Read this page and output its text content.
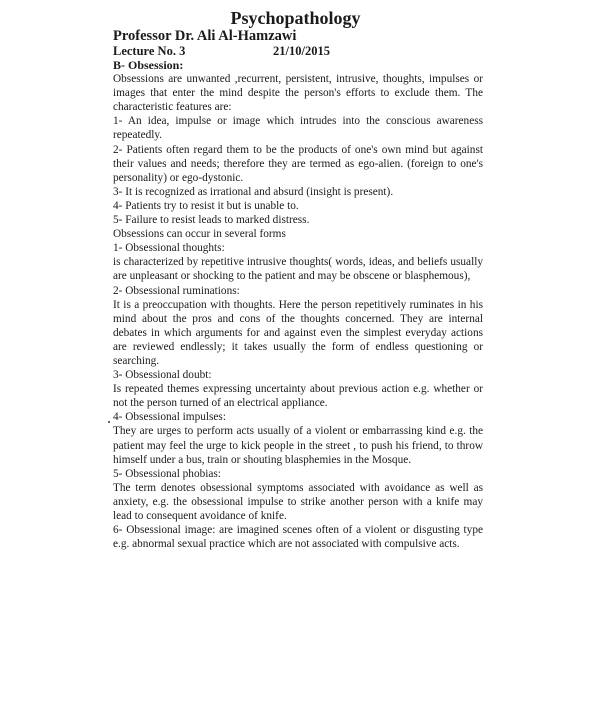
Psychopathology
Professor Dr. Ali Al-Hamzawi
Lecture No. 3	21/10/2015

B- Obsession:

Obsessions are unwanted ,recurrent, persistent, intrusive, thoughts, impulses or images that enter the mind despite the person's efforts to exclude them. The characteristic features are:

1- An idea, impulse or image which intrudes into the conscious awareness repeatedly.

2- Patients often regard them to be the products of one's own mind but against their values and needs; therefore they are termed as ego-alien. (foreign to one's personality) or ego-dystonic.

3- It is recognized as irrational and absurd (insight is present).

4- Patients try to resist it but is unable to.

5- Failure to resist leads to marked distress.

Obsessions can occur in several forms

1- Obsessional thoughts:

is characterized by repetitive intrusive thoughts( words, ideas, and beliefs usually are unpleasant or shocking to the patient and may be obscene or blasphemous),

2- Obsessional ruminations:

It is a preoccupation with thoughts. Here the person repetitively ruminates in his mind about the pros and cons of the thoughts concerned. They are internal debates in which arguments for and against even the simplest everyday actions are reviewed endlessly; it takes usually the form of endless questioning or searching.

3- Obsessional doubt:

Is repeated themes expressing uncertainty about previous action e.g. whether or not the person turned of an electrical appliance.

4- Obsessional impulses:

They are urges to perform acts usually of a violent or embarrassing kind e.g. the patient may feel the urge to kick people in the street , to push his friend, to throw himself under a bus, train or shouting blasphemies in the Mosque.

5- Obsessional phobias:

The term denotes obsessional symptoms associated with avoidance as well as anxiety, e.g. the obsessional impulse to strike another person with a knife may lead to consequent avoidance of knife.

6- Obsessional image: are imagined scenes often of a violent or disgusting type e.g. abnormal sexual practice which are not associated with compulsive acts.
